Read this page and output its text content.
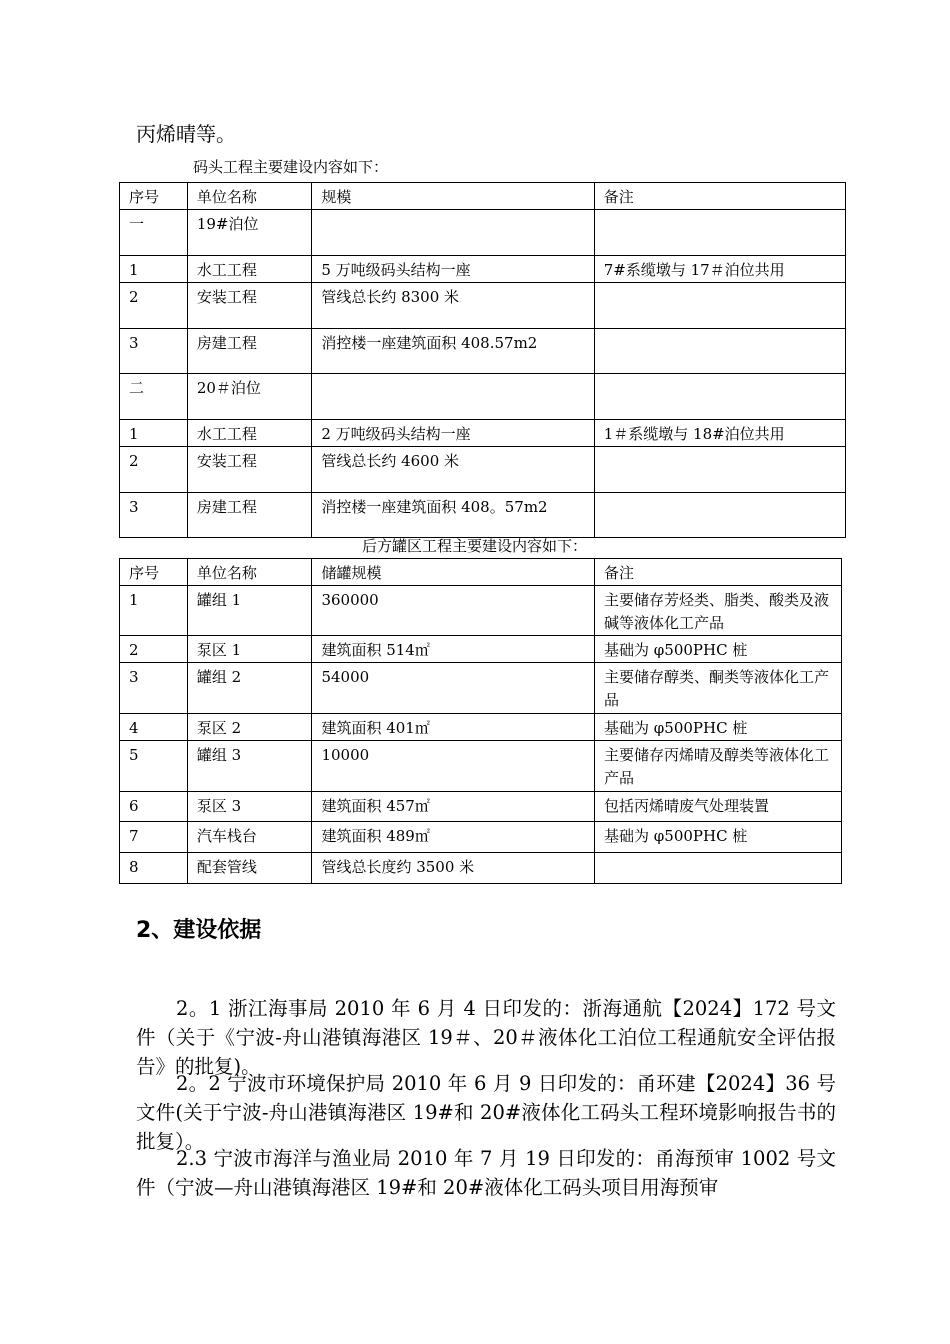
丙烯晴等。
码头工程主要建设内容如下：
序号	单位名称	规模	备注
一	19#泊位		
1	水工工程	5 万吨级码头结构一座	7#系缆墩与 17＃泊位共用
2	安装工程	管线总长约 8300 米	
3	房建工程	消控楼一座建筑面积 408.57m2	
二	20＃泊位		
1	水工工程	2 万吨级码头结构一座	1＃系缆墩与 18#泊位共用
2	安装工程	管线总长约 4600 米	
3	房建工程	消控楼一座建筑面积 408。57m2	
后方罐区工程主要建设内容如下：
序号	单位名称	储罐规模	备注
1	罐组 1	360000	主要储存芳烃类、脂类、酸类及液碱等液体化工产品
2	泵区 1	建筑面积 514㎡	基础为 φ500PHC 桩
3	罐组 2	54000	主要储存醇类、酮类等液体化工产品
4	泵区 2	建筑面积 401㎡	基础为 φ500PHC 桩
5	罐组 3	10000	主要储存丙烯晴及醇类等液体化工产品
6	泵区 3	建筑面积 457㎡	包括丙烯晴废气处理装置
7	汽车栈台	建筑面积 489㎡	基础为 φ500PHC 桩
8	配套管线	管线总长度约 3500 米	
2、建设依据
2。1 浙江海事局 2010 年 6 月 4 日印发的：浙海通航【2024】172 号文件（关于《宁波-舟山港镇海港区 19＃、20＃液体化工泊位工程通航安全评估报告》的批复)。
2。2 宁波市环境保护局 2010 年 6 月 9 日印发的：甬环建【2024】36 号文件(关于宁波-舟山港镇海港区 19#和 20#液体化工码头工程环境影响报告书的批复）。
2.3 宁波市海洋与渔业局 2010 年 7 月 19 日印发的：甬海预审 1002 号文件（宁波—舟山港镇海港区 19#和 20#液体化工码头项目用海预审
